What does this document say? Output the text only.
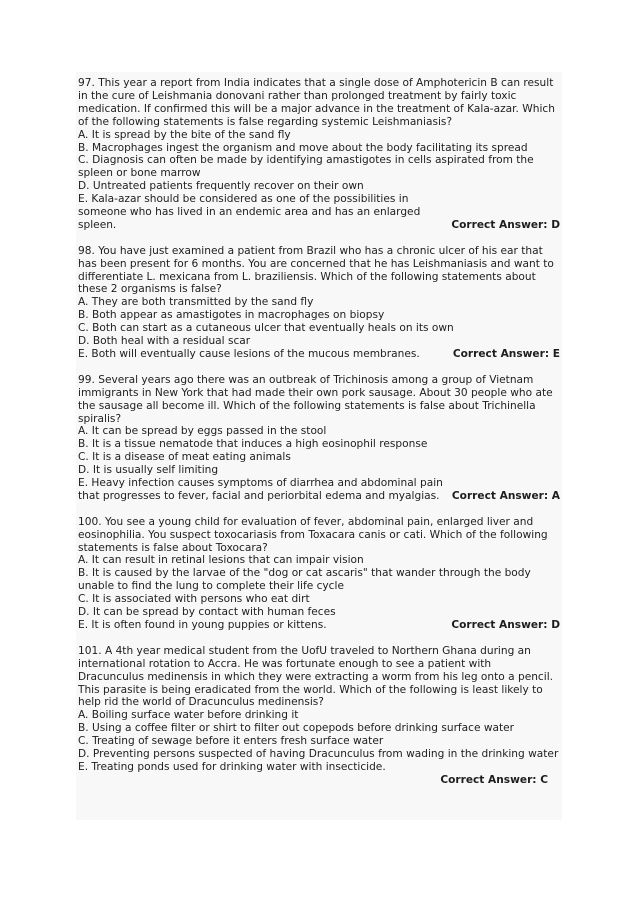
97. This year a report from India indicates that a single dose of Amphotericin B can result in the cure of Leishmania donovani rather than prolonged treatment by fairly toxic medication. If confirmed this will be a major advance in the treatment of Kala-azar. Which of the following statements is false regarding systemic Leishmaniasis?

A. It is spread by the bite of the sand fly

B. Macrophages ingest the organism and move about the body facilitating its spread

C. Diagnosis can often be made by identifying amastigotes in cells aspirated from the spleen or bone marrow

D. Untreated patients frequently recover on their own

E. Kala-azar should be considered as one of the possibilities in someone who has lived in an endemic area and has an enlarged spleen.	Correct Answer: D

98. You have just examined a patient from Brazil who has a chronic ulcer of his ear that has been present for 6 months. You are concerned that he has Leishmaniasis and want to differentiate L. mexicana from L. braziliensis. Which of the following statements about these 2 organisms is false?

A. They are both transmitted by the sand fly

B. Both appear as amastigotes in macrophages on biopsy

C. Both can start as a cutaneous ulcer that eventually heals on its own

D. Both heal with a residual scar

E. Both will eventually cause lesions of the mucous membranes.	Correct Answer: E

99. Several years ago there was an outbreak of Trichinosis among a group of Vietnam immigrants in New York that had made their own pork sausage. About 30 people who ate the sausage all become ill. Which of the following statements is false about Trichinella spiralis?

A. It can be spread by eggs passed in the stool

B. It is a tissue nematode that induces a high eosinophil response

C. It is a disease of meat eating animals

D. It is usually self limiting

E. Heavy infection causes symptoms of diarrhea and abdominal pain that progresses to fever, facial and periorbital edema and myalgias.	Correct Answer: A

100. You see a young child for evaluation of fever, abdominal pain, enlarged liver and eosinophilia. You suspect toxocariasis from Toxacara canis or cati. Which of the following statements is false about Toxocara?

A. It can result in retinal lesions that can impair vision

B. It is caused by the larvae of the "dog or cat ascaris" that wander through the body unable to find the lung to complete their life cycle

C. It is associated with persons who eat dirt

D. It can be spread by contact with human feces

E. It is often found in young puppies or kittens.	Correct Answer: D

101. A 4th year medical student from the UofU traveled to Northern Ghana during an international rotation to Accra. He was fortunate enough to see a patient with Dracunculus medinensis in which they were extracting a worm from his leg onto a pencil. This parasite is being eradicated from the world. Which of the following is least likely to help rid the world of Dracunculus medinensis?

A. Boiling surface water before drinking it

B. Using a coffee filter or shirt to filter out copepods before drinking surface water

C. Treating of sewage before it enters fresh surface water

D. Preventing persons suspected of having Dracunculus from wading in the drinking water

E. Treating ponds used for drinking water with insecticide.

Correct Answer: C
